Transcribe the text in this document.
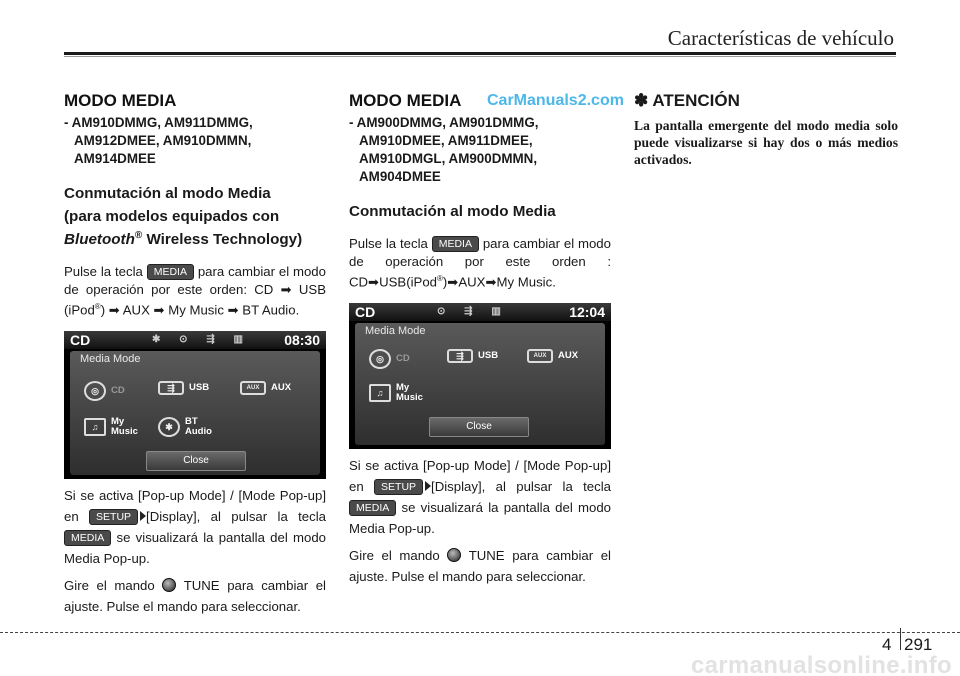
Características de vehículo
CarManuals2.com
MODO MEDIA
- AM910DMMG, AM911DMMG,
AM912DMEE, AM910DMMN,
AM914DMEE
Conmutación al modo Media
(para modelos equipados con
Bluetooth® Wireless Technology)

Pulse la tecla MEDIA para cambiar el modo de operación por este orden: CD ➡ USB (iPod®) ➡ AUX ➡ My Music ➡ BT Audio.

CD	✱ ⊙ ⇶ ▥ 08:30
Media Mode
◎	CD	⇶	USB	AUX	AUX
♫	My Music	✱	BT Audio
Close

Si se activa [Pop-up Mode] / [Mode Pop-up] en SETUP [Display], al pulsar la tecla MEDIA se visualizará la pantalla del modo Media Pop-up.

Gire el mando  TUNE para cambiar el ajuste. Pulse el mando para seleccionar.

MODO MEDIA
- AM900DMMG, AM901DMMG,
AM910DMEE, AM911DMEE,
AM910DMGL, AM900DMMN,
AM904DMEE
Conmutación al modo Media

Pulse la tecla MEDIA para cambiar el modo de operación por este orden : CD➡USB(iPod®)➡AUX➡My Music.

CD	⊙ ⇶ ▥	12:04
Media Mode
◎	CD	⇶	USB	AUX	AUX
♫	My Music
Close

Si se activa [Pop-up Mode] / [Mode Pop-up] en SETUP [Display], al pulsar la tecla MEDIA se visualizará la pantalla del modo Media Pop-up.

Gire el mando  TUNE para cambiar el ajuste. Pulse el mando para seleccionar.

✽ ATENCIÓN

La pantalla emergente del modo media solo puede visualizarse si hay dos o más medios activados.

4 291
carmanualsonline.info
